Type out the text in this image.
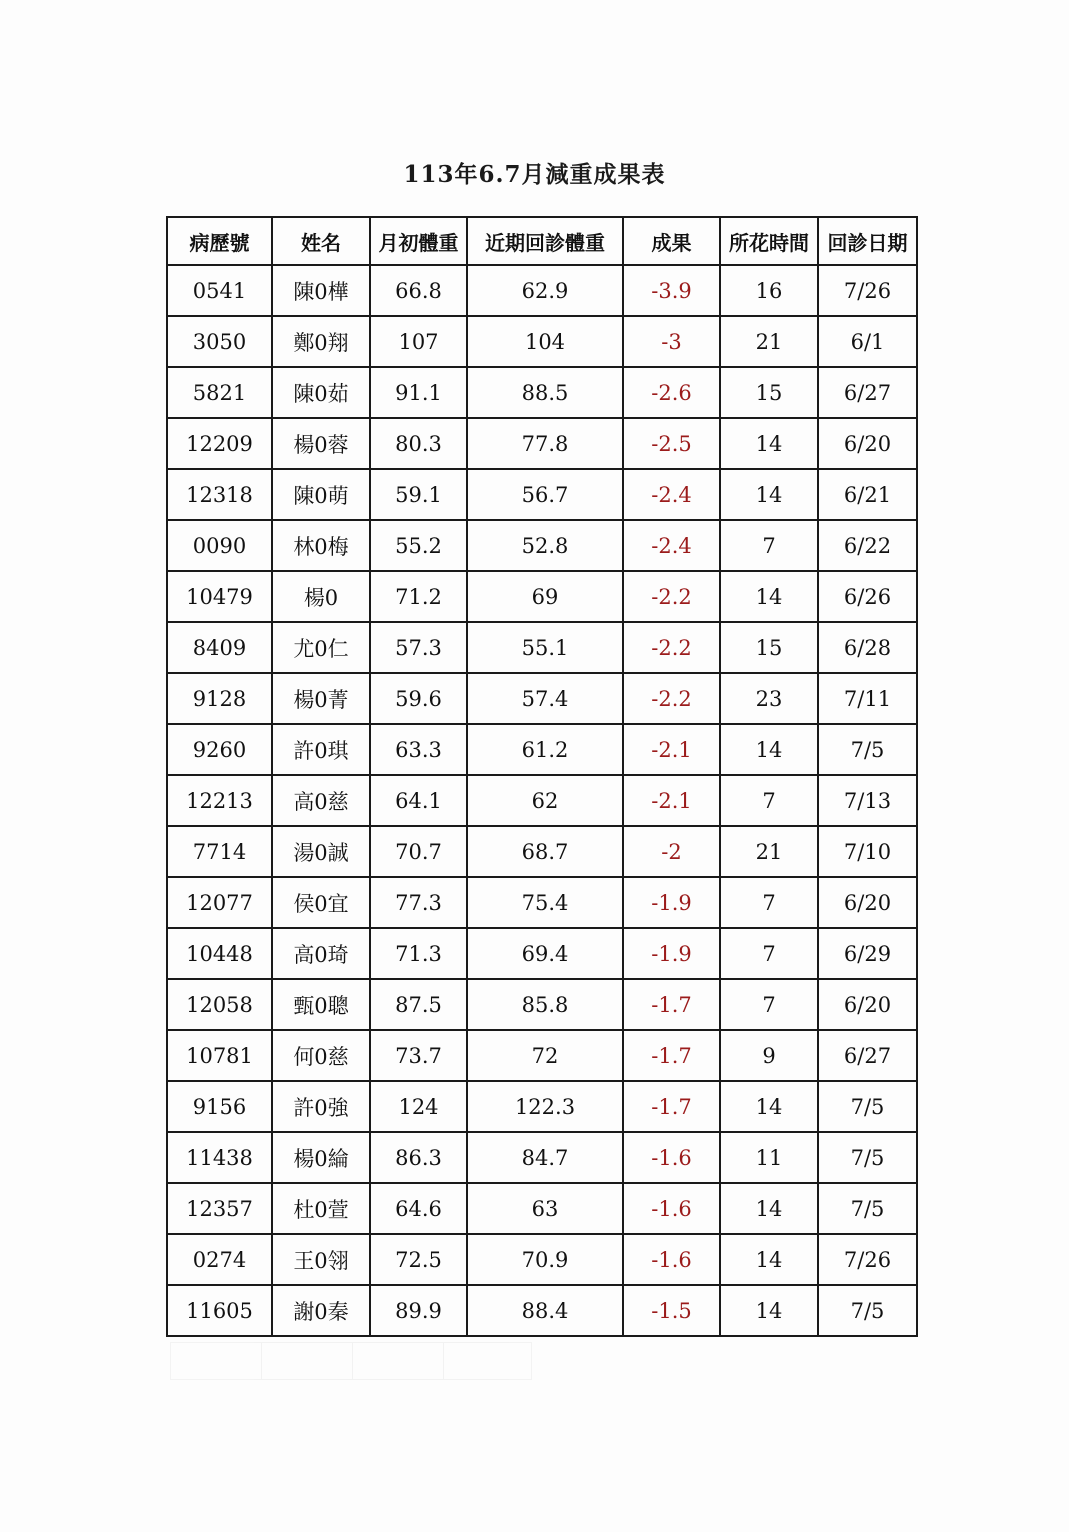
113年6.7月減重成果表
病歷號	姓名	月初體重	近期回診體重	成果	所花時間	回診日期
0541	陳0樺	66.8	62.9	-3.9	16	7/26
3050	鄭0翔	107	104	-3	21	6/1
5821	陳0茹	91.1	88.5	-2.6	15	6/27
12209	楊0蓉	80.3	77.8	-2.5	14	6/20
12318	陳0萌	59.1	56.7	-2.4	14	6/21
0090	林0梅	55.2	52.8	-2.4	7	6/22
10479	楊0	71.2	69	-2.2	14	6/26
8409	尤0仁	57.3	55.1	-2.2	15	6/28
9128	楊0菁	59.6	57.4	-2.2	23	7/11
9260	許0琪	63.3	61.2	-2.1	14	7/5
12213	高0慈	64.1	62	-2.1	7	7/13
7714	湯0誠	70.7	68.7	-2	21	7/10
12077	侯0宜	77.3	75.4	-1.9	7	6/20
10448	高0琦	71.3	69.4	-1.9	7	6/29
12058	甄0聰	87.5	85.8	-1.7	7	6/20
10781	何0慈	73.7	72	-1.7	9	6/27
9156	許0強	124	122.3	-1.7	14	7/5
11438	楊0綸	86.3	84.7	-1.6	11	7/5
12357	杜0萱	64.6	63	-1.6	14	7/5
0274	王0翎	72.5	70.9	-1.6	14	7/26
11605	謝0秦	89.9	88.4	-1.5	14	7/5
